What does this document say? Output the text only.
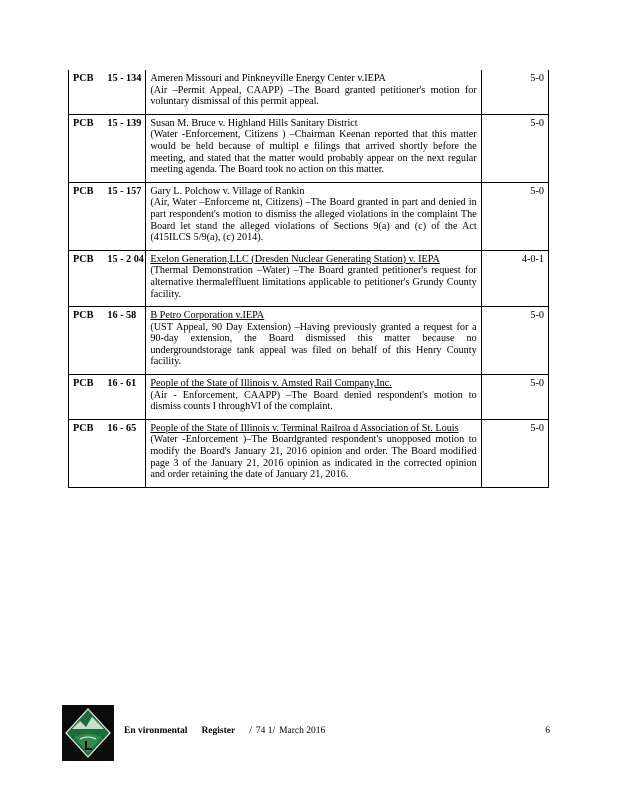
PCB 15 - 134	Ameren Missouri and Pinkneyville Energy Center v.IEPA
(Air –Permit Appeal, CAAPP) –The Board granted petitioner's motion for voluntary dismissal of this permit appeal.	5-0
PCB 15 - 139	Susan M. Bruce v. Highland Hills Sanitary District
(Water -Enforcement, Citizens ) –Chairman Keenan reported that this matter would be held because of multipl e filings that arrived shortly before the meeting, and stated that the matter would probably appear on the next regular meeting agenda. The Board took no action on this matter.	5-0
PCB 15 - 157	Gary L. Polchow v. Village of Rankin
(Air, Water –Enforceme nt, Citizens) –The Board granted in part and denied in part respondent's motion to dismiss the alleged violations in the complaint The Board let stand the alleged violations of Sections 9(a) and (c) of the Act (415ILCS 5/9(a), (c) 2014).	5-0
PCB 15 - 2 04	Exelon Generation,LLC (Dresden Nuclear Generating Station) v. IEPA
(Thermal Demonstration –Water) –The Board granted petitioner's request for alternative thermaleffluent limitations applicable to petitioner's Grundy County facility.	4-0-1
PCB 16 - 58	B Petro Corporation v.IEPA
(UST Appeal, 90 Day Extension) –Having previously granted a request for a 90-day extension, the Board dismissed this matter because no undergroundstorage tank appeal was filed on behalf of this Henry County facility.	5-0
PCB 16 - 61	People of the State of Illinois v. Amsted Rail Company,Inc.
(Air - Enforcement, CAAPP) –The Board denied respondent's motion to dismiss counts I throughVI of the complaint.	5-0
PCB 16 - 65	People of the State of Illinois v. Terminal Railroa d Association of St. Louis
(Water -Enforcement )–The Boardgranted respondent's unopposed motion to modify the Board's January 21, 2016 opinion and order. The Board modified page 3 of the January 21, 2016 opinion as indicated in the corrected opinion and order retaining the date of January 21, 2016.	5-0
En vironmental Register / 74 1/ March 2016	6
